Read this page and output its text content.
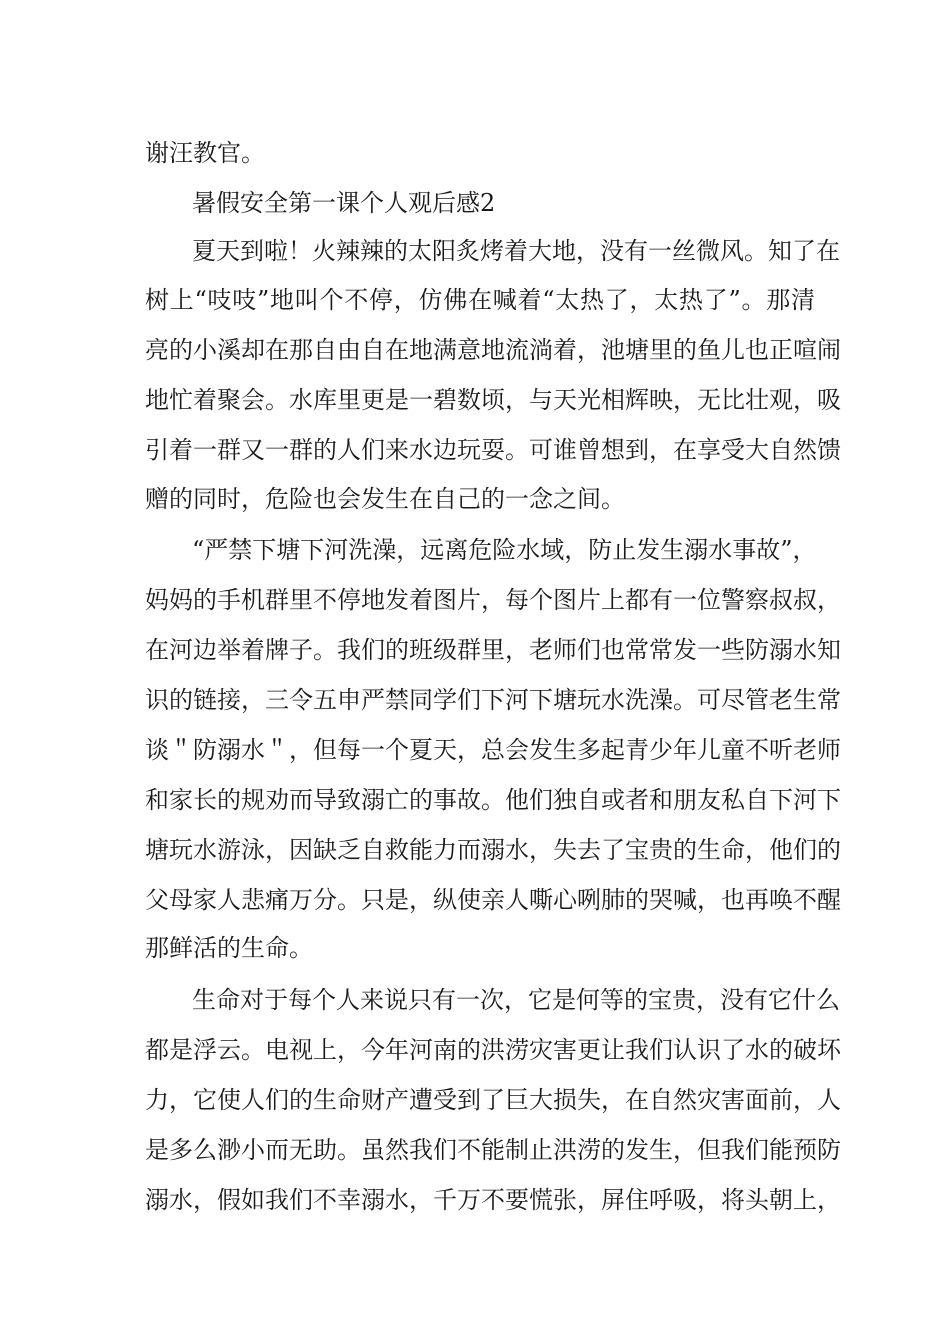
谢汪教官。
暑假安全第一课个人观后感2
夏天到啦！火辣辣的太阳炙烤着大地，没有一丝微风。知了在
树上“吱吱”地叫个不停，仿佛在喊着“太热了，太热了”。那清
亮的小溪却在那自由自在地满意地流淌着，池塘里的鱼儿也正喧闹
地忙着聚会。水库里更是一碧数顷，与天光相辉映，无比壮观，吸
引着一群又一群的人们来水边玩耍。可谁曾想到，在享受大自然馈
赠的同时，危险也会发生在自己的一念之间。
“严禁下塘下河洗澡，远离危险水域，防止发生溺水事故”，
妈妈的手机群里不停地发着图片，每个图片上都有一位警察叔叔，
在河边举着牌子。我们的班级群里，老师们也常常发一些防溺水知
识的链接，三令五申严禁同学们下河下塘玩水洗澡。可尽管老生常
谈＂防溺水＂，但每一个夏天，总会发生多起青少年儿童不听老师
和家长的规劝而导致溺亡的事故。他们独自或者和朋友私自下河下
塘玩水游泳，因缺乏自救能力而溺水，失去了宝贵的生命，他们的
父母家人悲痛万分。只是，纵使亲人嘶心咧肺的哭喊，也再唤不醒
那鲜活的生命。
生命对于每个人来说只有一次，它是何等的宝贵，没有它什么
都是浮云。电视上，今年河南的洪涝灾害更让我们认识了水的破坏
力，它使人们的生命财产遭受到了巨大损失，在自然灾害面前，人
是多么渺小而无助。虽然我们不能制止洪涝的发生，但我们能预防
溺水，假如我们不幸溺水，千万不要慌张，屏住呼吸，将头朝上，
